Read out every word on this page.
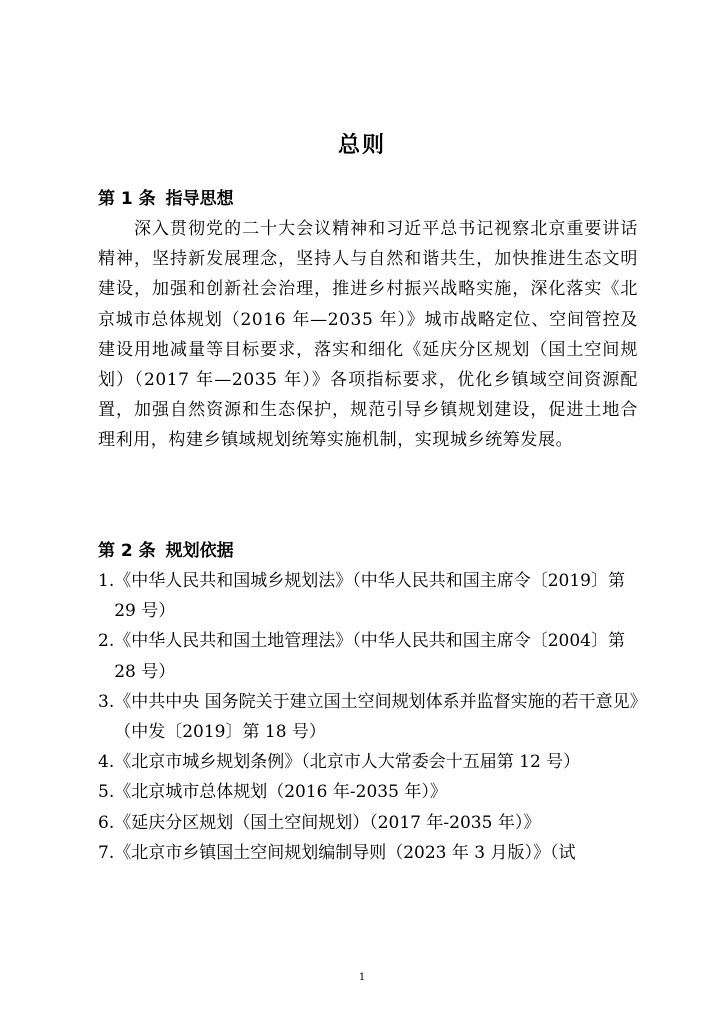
总则
第 1 条 指导思想
深入贯彻党的二十大会议精神和习近平总书记视察北京重要讲话精神，坚持新发展理念，坚持人与自然和谐共生，加快推进生态文明建设，加强和创新社会治理，推进乡村振兴战略实施，深化落实《北京城市总体规划（2016 年—2035 年）》城市战略定位、空间管控及建设用地减量等目标要求，落实和细化《延庆分区规划（国土空间规划）（2017 年—2035 年）》各项指标要求，优化乡镇域空间资源配置，加强自然资源和生态保护，规范引导乡镇规划建设，促进土地合理利用，构建乡镇域规划统筹实施机制，实现城乡统筹发展。
第 2 条 规划依据
1. 《中华人民共和国城乡规划法》（中华人民共和国主席令〔2019〕第 29 号）
2. 《中华人民共和国土地管理法》（中华人民共和国主席令〔2004〕第 28 号）
3. 《中共中央 国务院关于建立国土空间规划体系并监督实施的若干意见》（中发〔2019〕第 18 号）
4. 《北京市城乡规划条例》（北京市人大常委会十五届第 12 号）
5. 《北京城市总体规划（2016 年-2035 年）》
6. 《延庆分区规划（国土空间规划）（2017 年-2035 年）》
7. 《北京市乡镇国土空间规划编制导则（2023 年 3 月版）》（试
1
